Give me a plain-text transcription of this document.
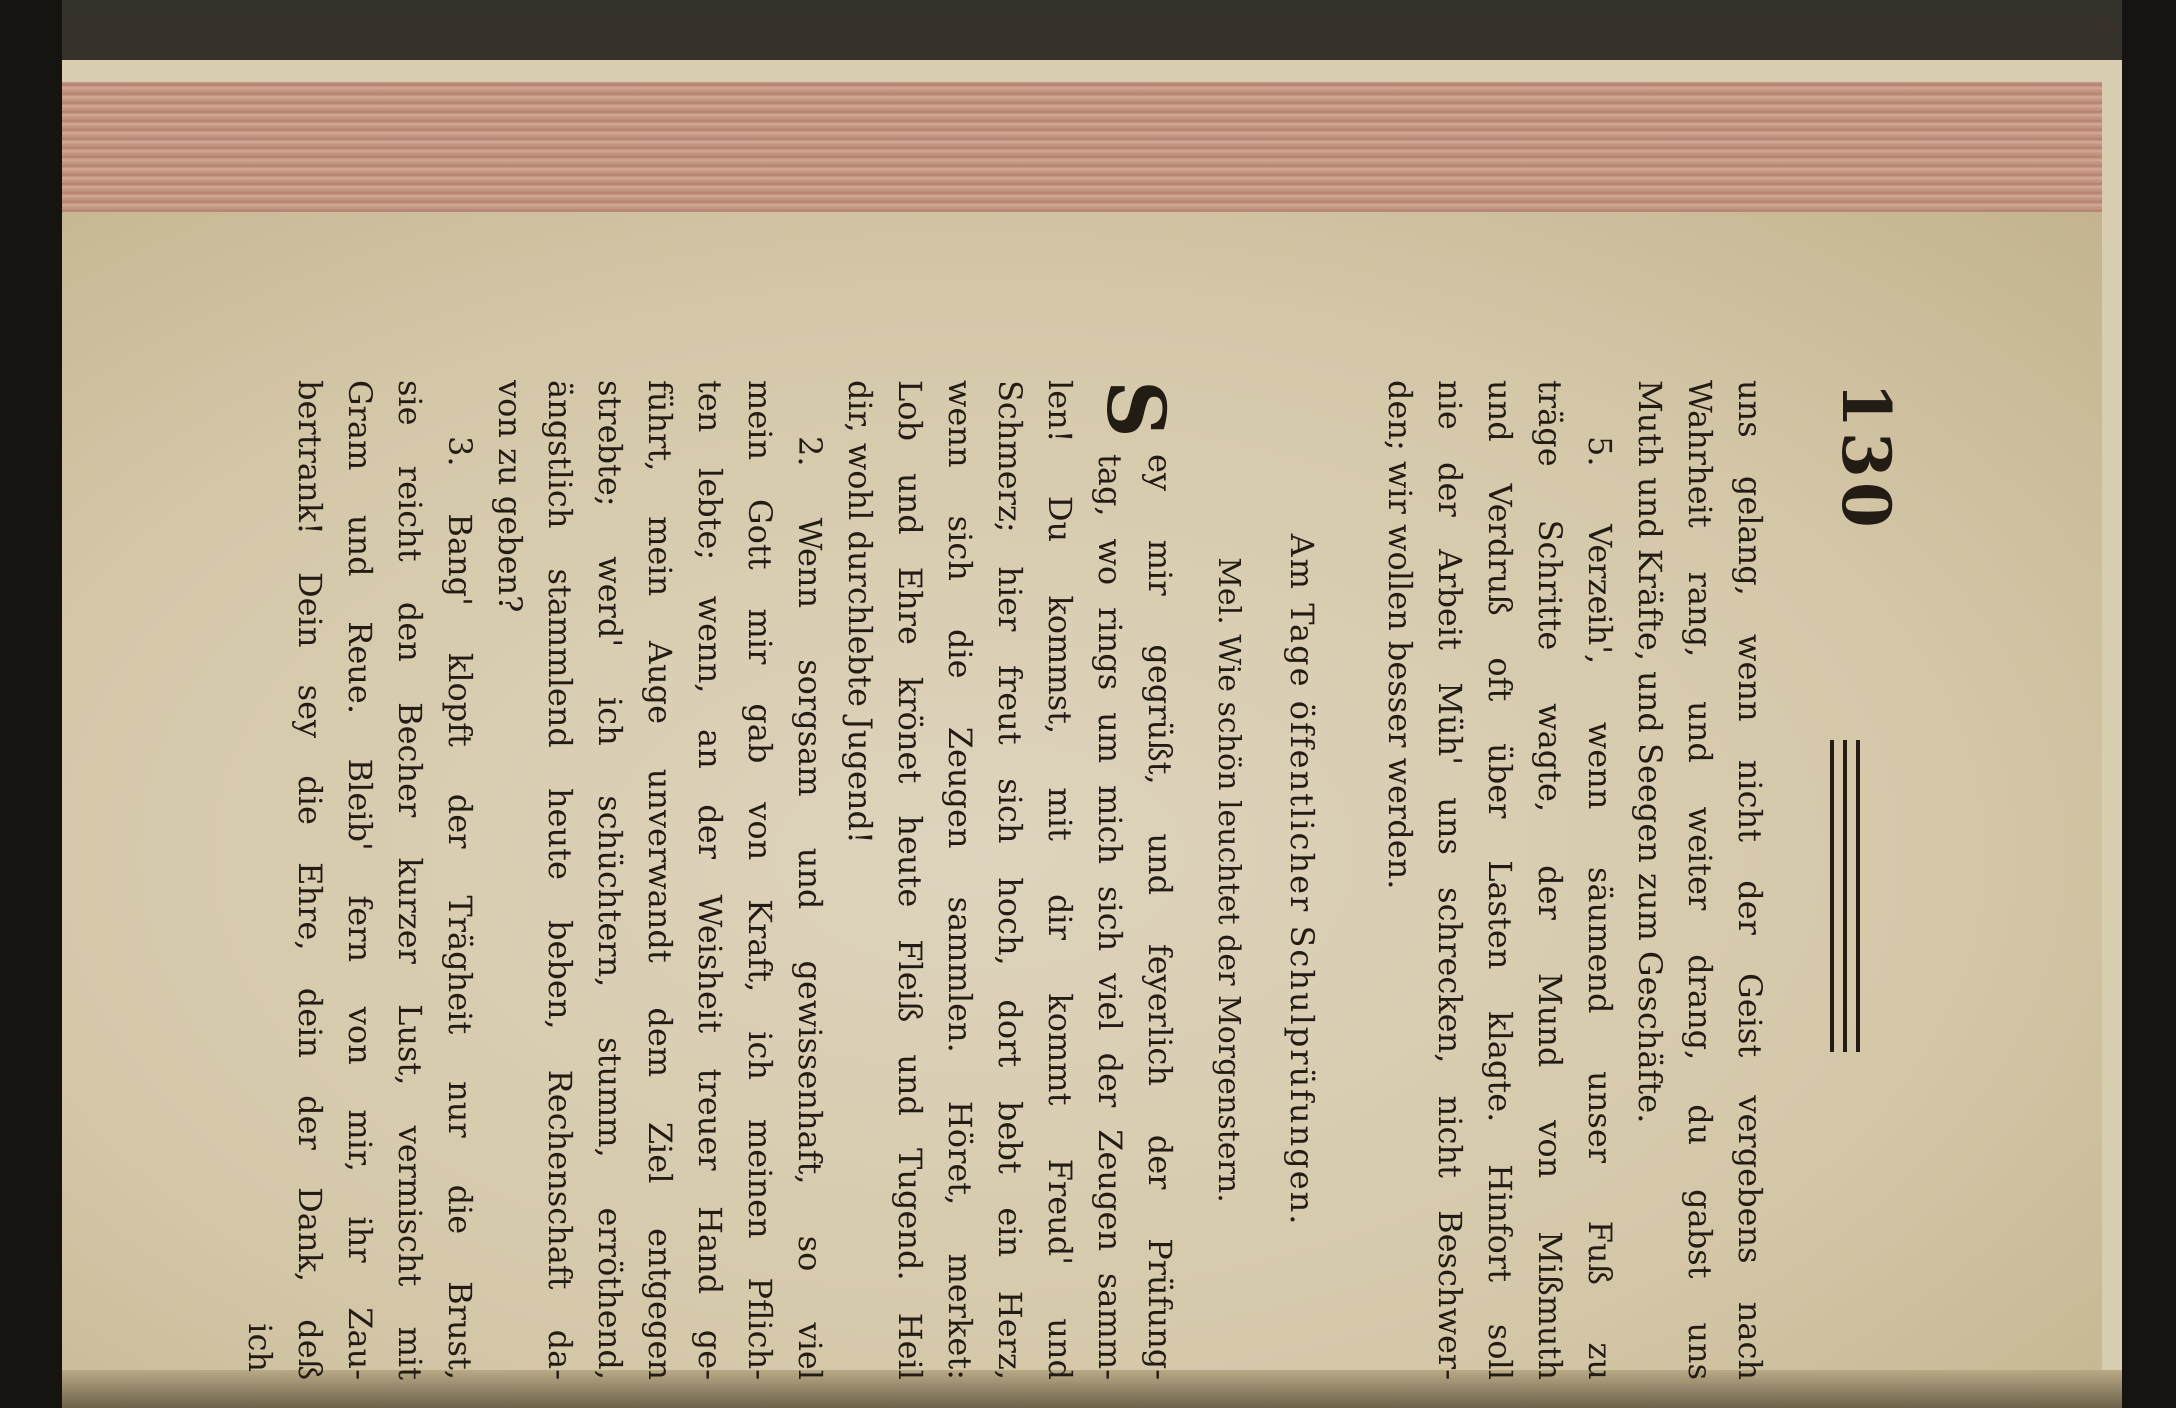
130
uns gelang, wenn nicht der Geist vergebens nach
Wahrheit rang, und weiter drang, du gabst uns
Muth und Kräfte, und Seegen zum Geschäfte.
5. Verzeih', wenn säumend unser Fuß zu
träge Schritte wagte, der Mund von Mißmuth
und Verdruß oft über Lasten klagte. Hinfort soll
nie der Arbeit Müh' uns schrecken, nicht Beschwer-
den; wir wollen besser werden.
Am Tage öffentlicher Schulprüfungen.
Mel. Wie schön leuchtet der Morgenstern.
S
ey mir gegrüßt, und feyerlich der Prüfung-
tag, wo rings um mich sich viel der Zeugen samm-
len! Du kommst, mit dir kommt Freud' und
Schmerz; hier freut sich hoch, dort bebt ein Herz,
wenn sich die Zeugen sammlen. Höret, merket:
Lob und Ehre krönet heute Fleiß und Tugend. Heil
dir, wohl durchlebte Jugend!
2. Wenn sorgsam und gewissenhaft, so viel
mein Gott mir gab von Kraft, ich meinen Pflich-
ten lebte; wenn, an der Weisheit treuer Hand ge-
führt, mein Auge unverwandt dem Ziel entgegen
strebte; werd' ich schüchtern, stumm, erröthend,
ängstlich stammlend heute beben, Rechenschaft da-
von zu geben?
3. Bang' klopft der Trägheit nur die Brust,
sie reicht den Becher kurzer Lust, vermischt mit
Gram und Reue. Bleib' fern von mir, ihr Zau-
bertrank! Dein sey die Ehre, dein der Dank, deß
ich
